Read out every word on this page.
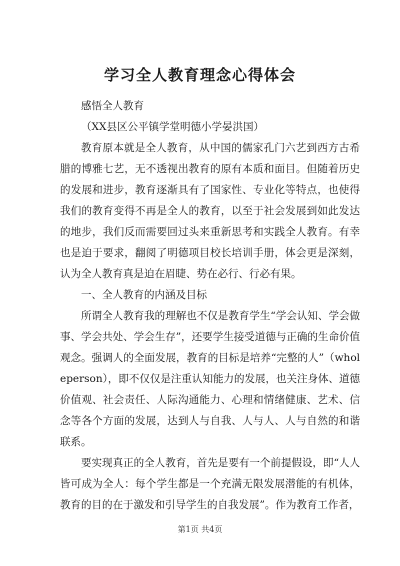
学习全人教育理念心得体会

感悟全人教育

（XX县区公平镇学堂明德小学晏洪国）

教育原本就是全人教育，从中国的儒家孔门六艺到西方古希腊的博雅七艺，无不透视出教育的原有本质和面目。但随着历史的发展和进步，教育逐渐具有了国家性、专业化等特点，也使得我们的教育变得不再是全人的教育，以至于社会发展到如此发达的地步，我们反而需要回过头来重新思考和实践全人教育。有幸也是迫于要求，翻阅了明德项目校长培训手册，体会更是深刻，认为全人教育真是迫在眉睫、势在必行、行必有果。

一、全人教育的内涵及目标

所谓全人教育我的理解也不仅是教育学生“学会认知、学会做事、学会共处、学会生存”，还要学生接受道德与正确的生命价值观念。强调人的全面发展，教育的目标是培养“完整的人”（wholeperson），即不仅仅是注重认知能力的发展，也关注身体、道德价值观、社会责任、人际沟通能力、心理和情绪健康、艺术、信念等各个方面的发展，达到人与自我、人与人、人与自然的和谐联系。

要实现真正的全人教育，首先是要有一个前提假设，即“人人皆可成为全人：每个学生都是一个充满无限发展潜能的有机体，教育的目的在于激发和引导学生的自我发展”。作为教育工作者，

第1页 共4页
